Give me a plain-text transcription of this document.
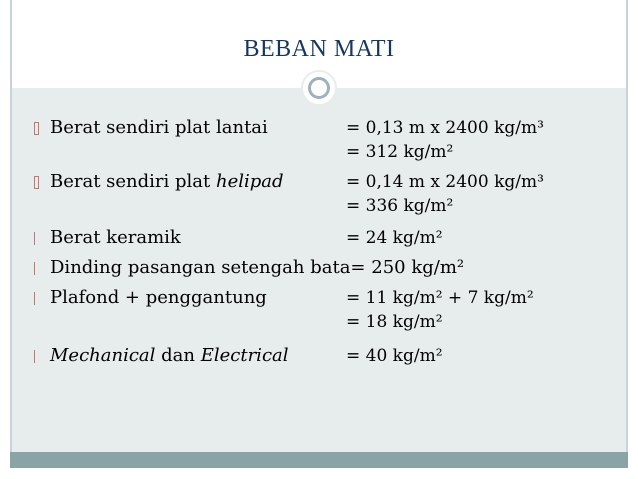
BEBAN MATI
Berat sendiri plat lantai	= 0,13 m x 2400 kg/m³
= 312 kg/m²
Berat sendiri plat helipad	= 0,14 m x 2400 kg/m³
= 336 kg/m²
Berat keramik	= 24 kg/m²
Dinding pasangan setengah bata= 250 kg/m²
Plafond + penggantung	= 11 kg/m² + 7 kg/m²
= 18 kg/m²
Mechanical dan Electrical	= 40 kg/m²
